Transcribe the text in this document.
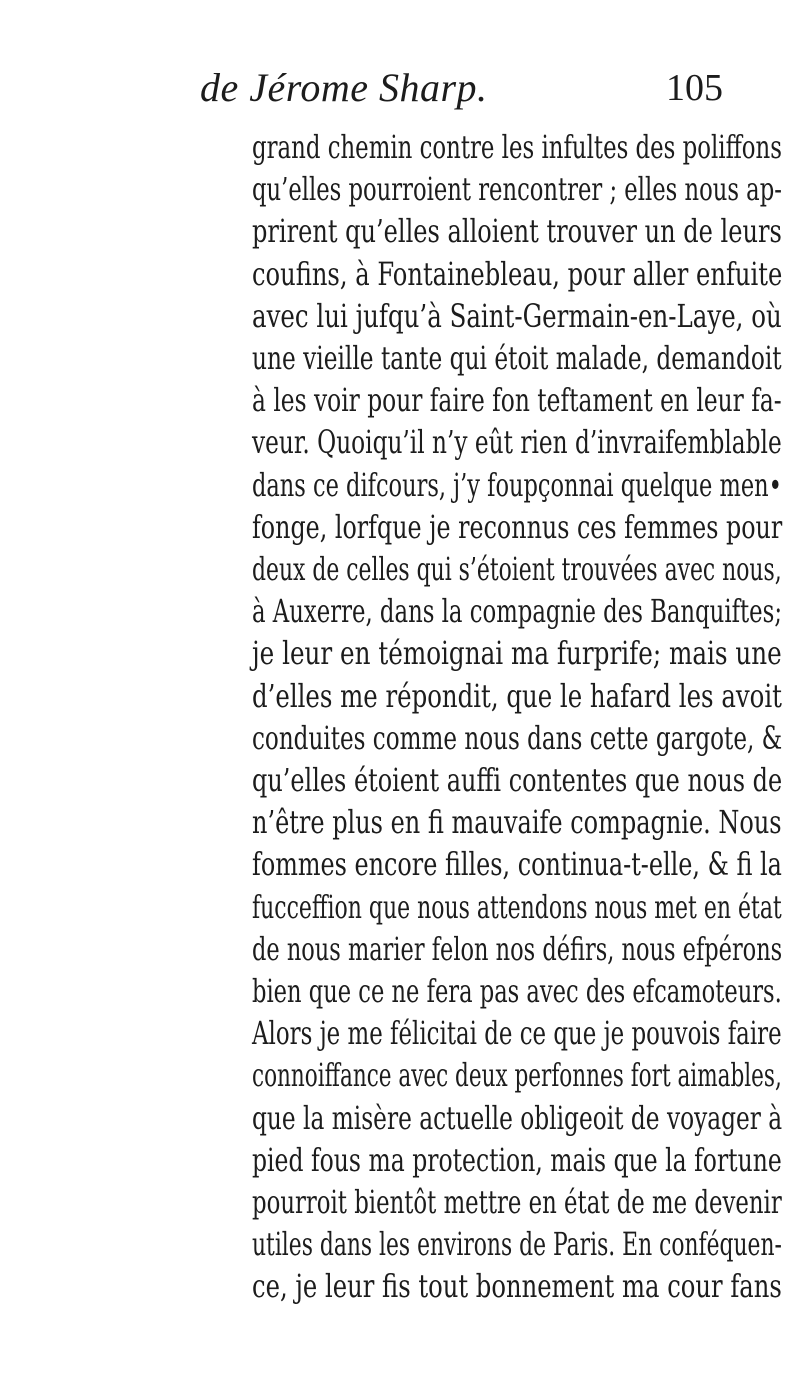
de Jérome Sharp.	105
grand chemin contre les infultes des poliffons
qu’elles pourroient rencontrer ; elles nous ap-
prirent qu’elles alloient trouver un de leurs
coufins, à Fontainebleau, pour aller enfuite
avec lui jufqu’à Saint-Germain-en-Laye, où
une vieille tante qui étoit malade, demandoit
à les voir pour faire fon teftament en leur fa-
veur. Quoiqu’il n’y eût rien d’invraifemblable
dans ce difcours, j’y foupçonnai quelque men•
fonge, lorfque je reconnus ces femmes pour
deux de celles qui s’étoient trouvées avec nous,
à Auxerre, dans la compagnie des Banquiftes;
je leur en témoignai ma furprife; mais une
d’elles me répondit, que le hafard les avoit
conduites comme nous dans cette gargote, &
qu’elles étoient auffi contentes que nous de
n’être plus en fi mauvaife compagnie. Nous
fommes encore filles, continua-t-elle, & fi la
fucceffion que nous attendons nous met en état
de nous marier felon nos défirs, nous efpérons
bien que ce ne fera pas avec des efcamoteurs.
Alors je me félicitai de ce que je pouvois faire
connoiffance avec deux perfonnes fort aimables,
que la misère actuelle obligeoit de voyager à
pied fous ma protection, mais que la fortune
pourroit bientôt mettre en état de me devenir
utiles dans les environs de Paris. En conféquen-
ce, je leur fis tout bonnement ma cour fans
